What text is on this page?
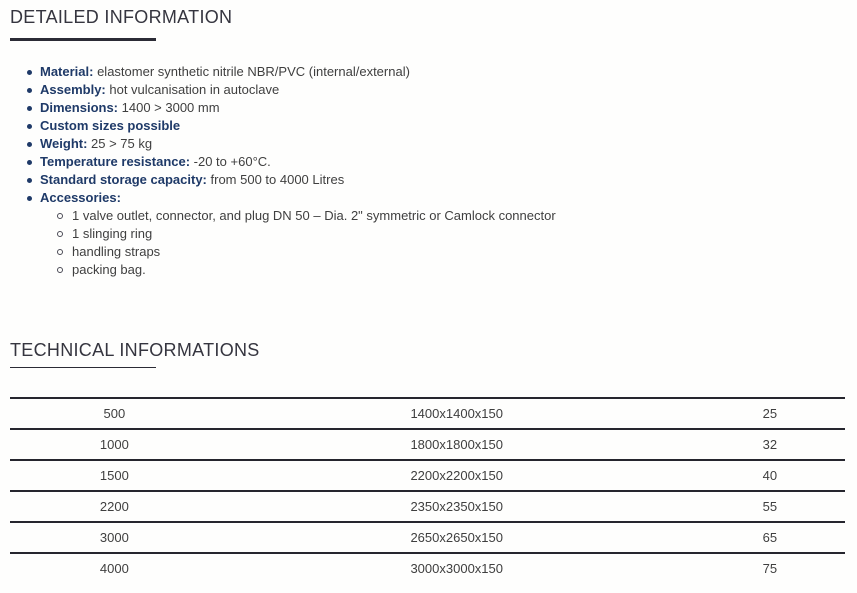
DETAILED INFORMATION
Material: elastomer synthetic nitrile NBR/PVC (internal/external)
Assembly: hot vulcanisation in autoclave
Dimensions: 1400 > 3000 mm
Custom sizes possible
Weight: 25 > 75 kg
Temperature resistance: -20 to +60°C.
Standard storage capacity: from 500 to 4000 Litres
Accessories:
1 valve outlet, connector, and plug DN 50 – Dia. 2" symmetric or Camlock connector
1 slinging ring
handling straps
packing bag.
TECHNICAL INFORMATIONS
500	1400x1400x150	25
1000	1800x1800x150	32
1500	2200x2200x150	40
2200	2350x2350x150	55
3000	2650x2650x150	65
4000	3000x3000x150	75
